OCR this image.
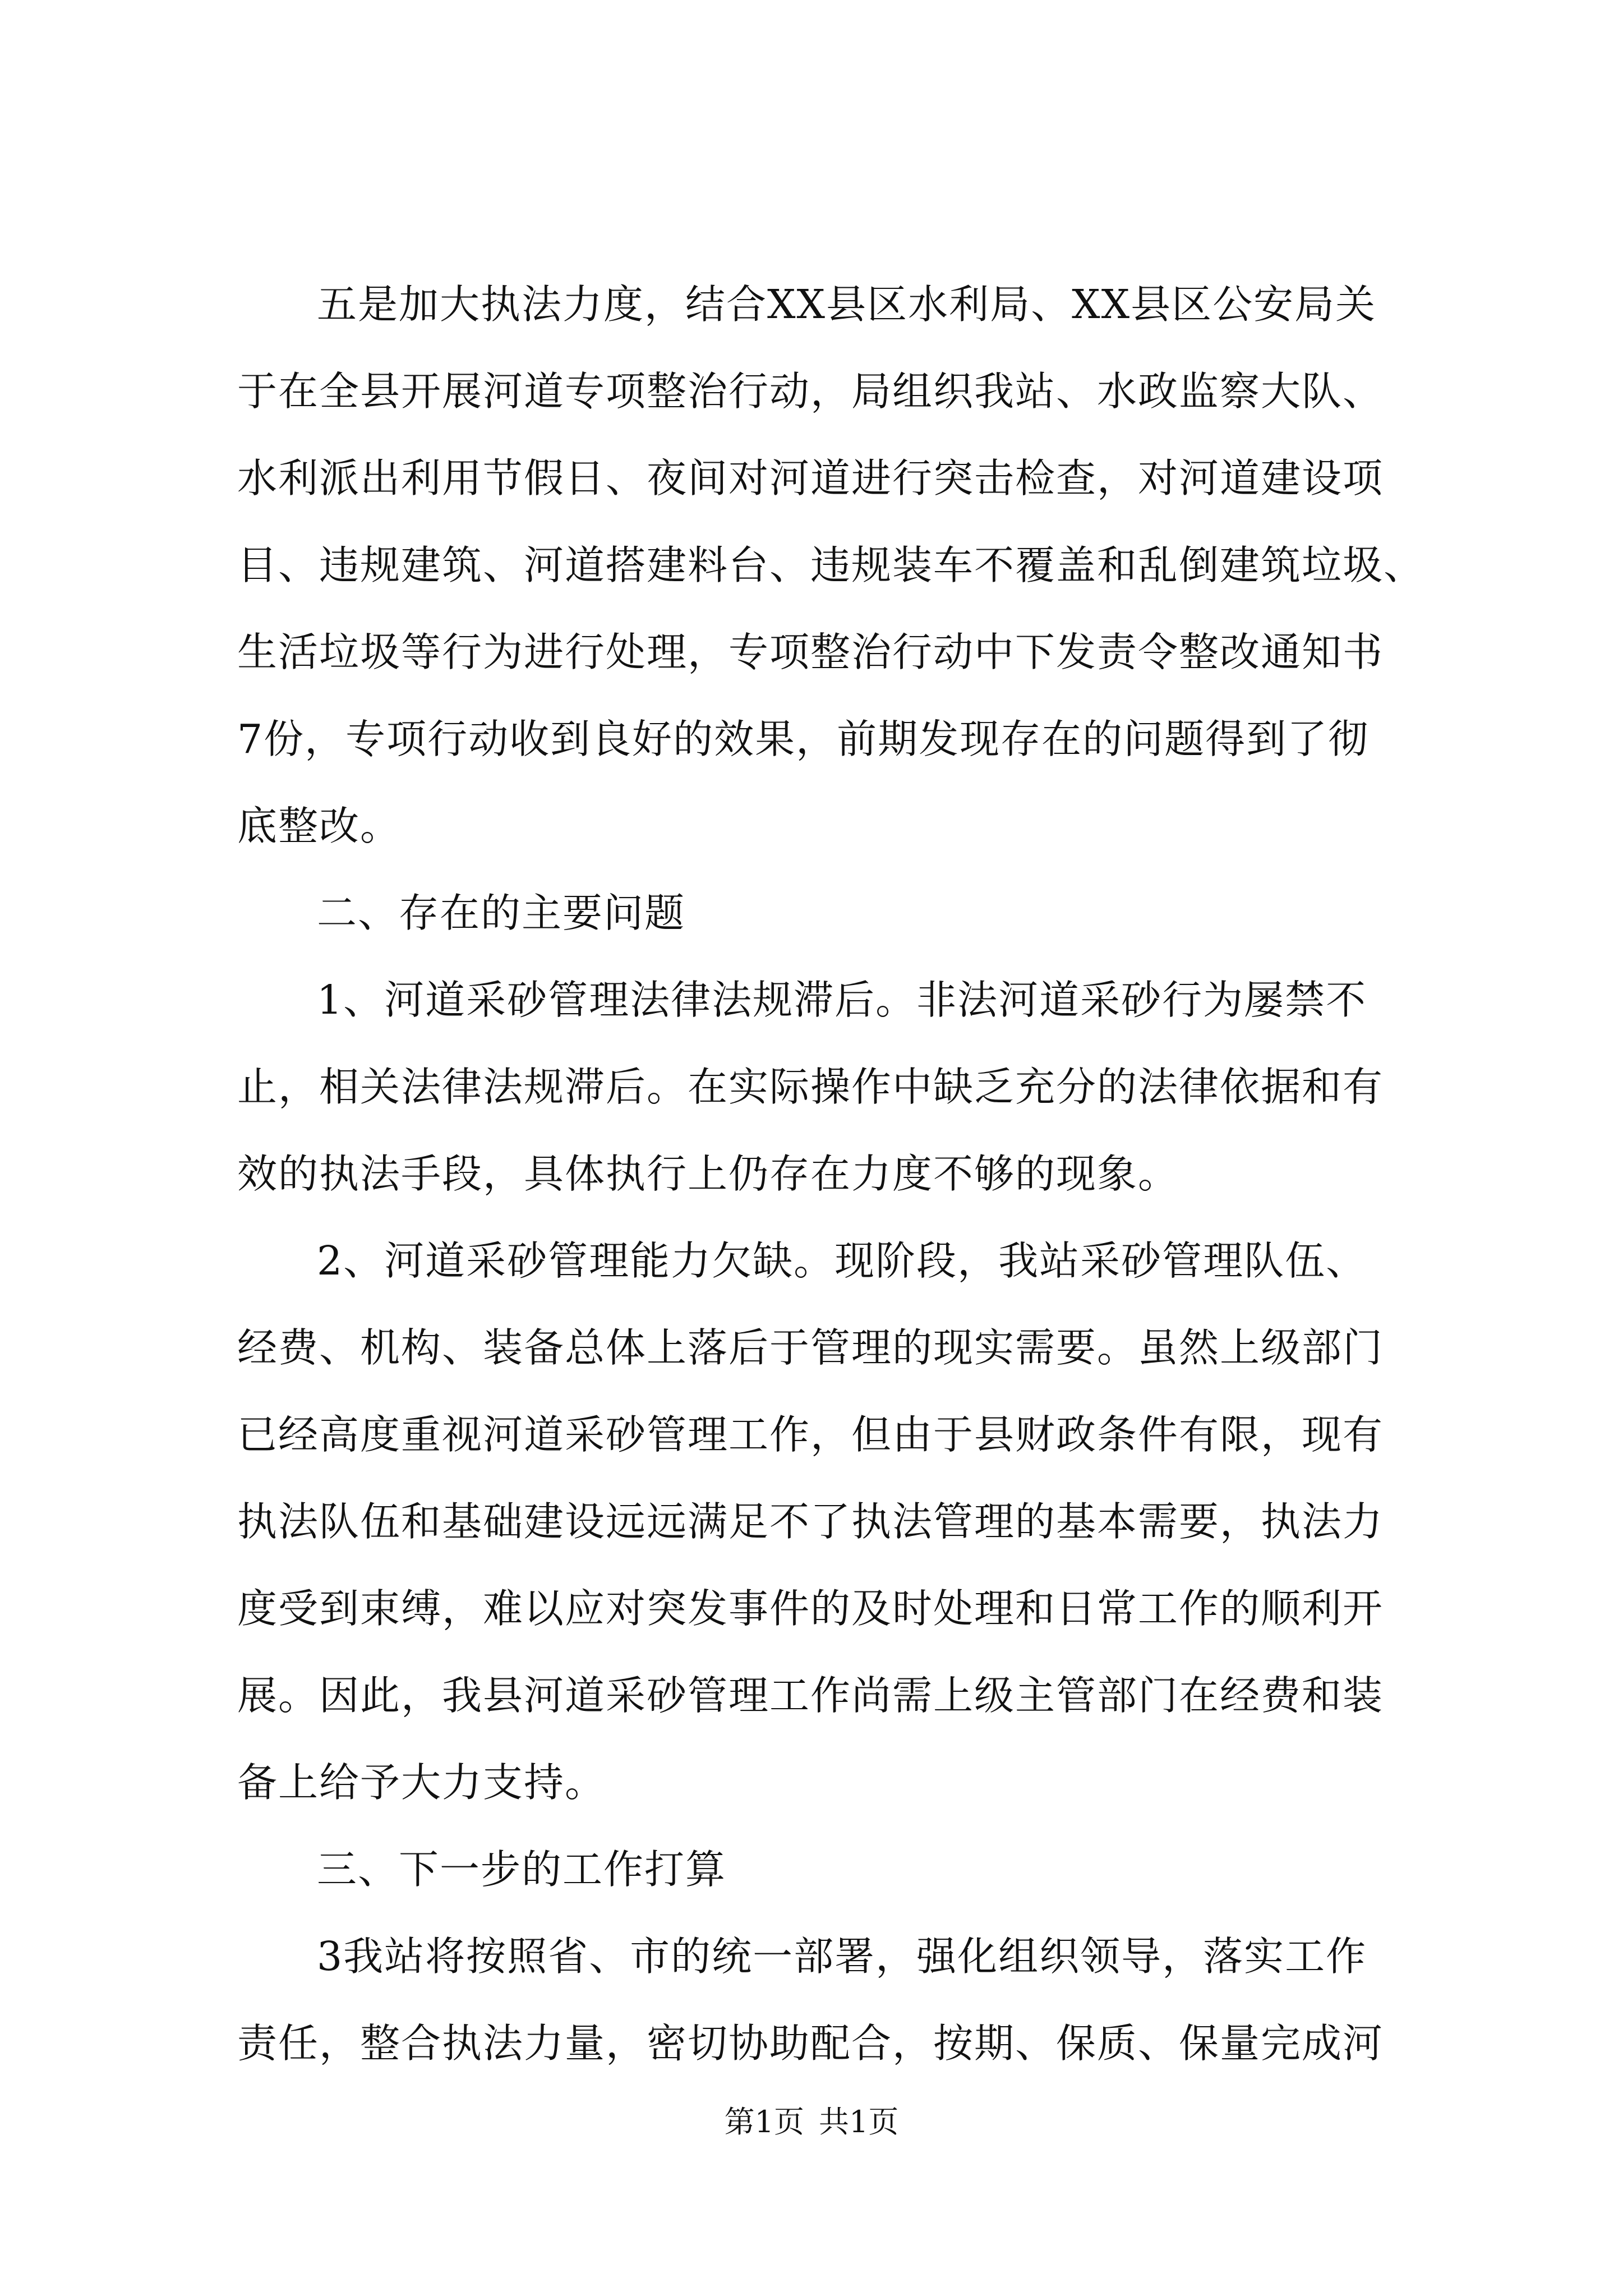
五是加大执法力度，结合XX县区水利局、XX县区公安局关
于在全县开展河道专项整治行动，局组织我站、水政监察大队、
水利派出利用节假日、夜间对河道进行突击检查，对河道建设项
目、违规建筑、河道搭建料台、违规装车不覆盖和乱倒建筑垃圾、
生活垃圾等行为进行处理，专项整治行动中下发责令整改通知书
7份，专项行动收到良好的效果，前期发现存在的问题得到了彻
底整改。
二、存在的主要问题
1、河道采砂管理法律法规滞后。非法河道采砂行为屡禁不
止，相关法律法规滞后。在实际操作中缺乏充分的法律依据和有
效的执法手段，具体执行上仍存在力度不够的现象。
2、河道采砂管理能力欠缺。现阶段，我站采砂管理队伍、
经费、机构、装备总体上落后于管理的现实需要。虽然上级部门
已经高度重视河道采砂管理工作，但由于县财政条件有限，现有
执法队伍和基础建设远远满足不了执法管理的基本需要，执法力
度受到束缚，难以应对突发事件的及时处理和日常工作的顺利开
展。因此，我县河道采砂管理工作尚需上级主管部门在经费和装
备上给予大力支持。
三、下一步的工作打算
3我站将按照省、市的统一部署，强化组织领导，落实工作
责任，整合执法力量，密切协助配合，按期、保质、保量完成河
第1页 共1页
